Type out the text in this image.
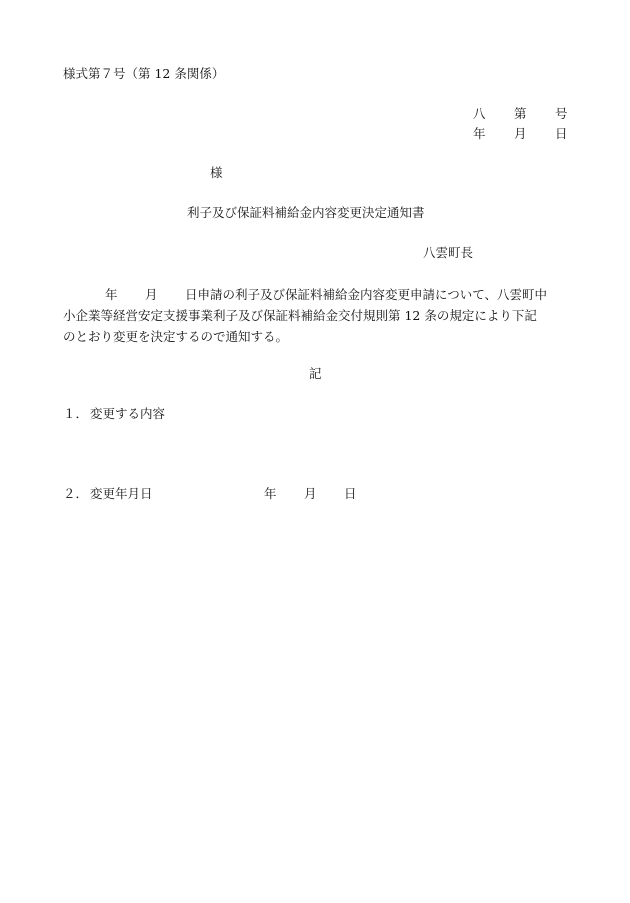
様式第７号（第 12 条関係）
八 第 号
年 月 日
様
利子及び保証料補給金内容変更決定通知書
八雲町長
年 月 日申請の利子及び保証料補給金内容変更申請について、八雲町中
小企業等経営安定支援事業利子及び保証料補給金交付規則第 12 条の規定により下記
のとおり変更を決定するので通知する。
記
１． 変更する内容
２． 変更年月日	年 月 日
